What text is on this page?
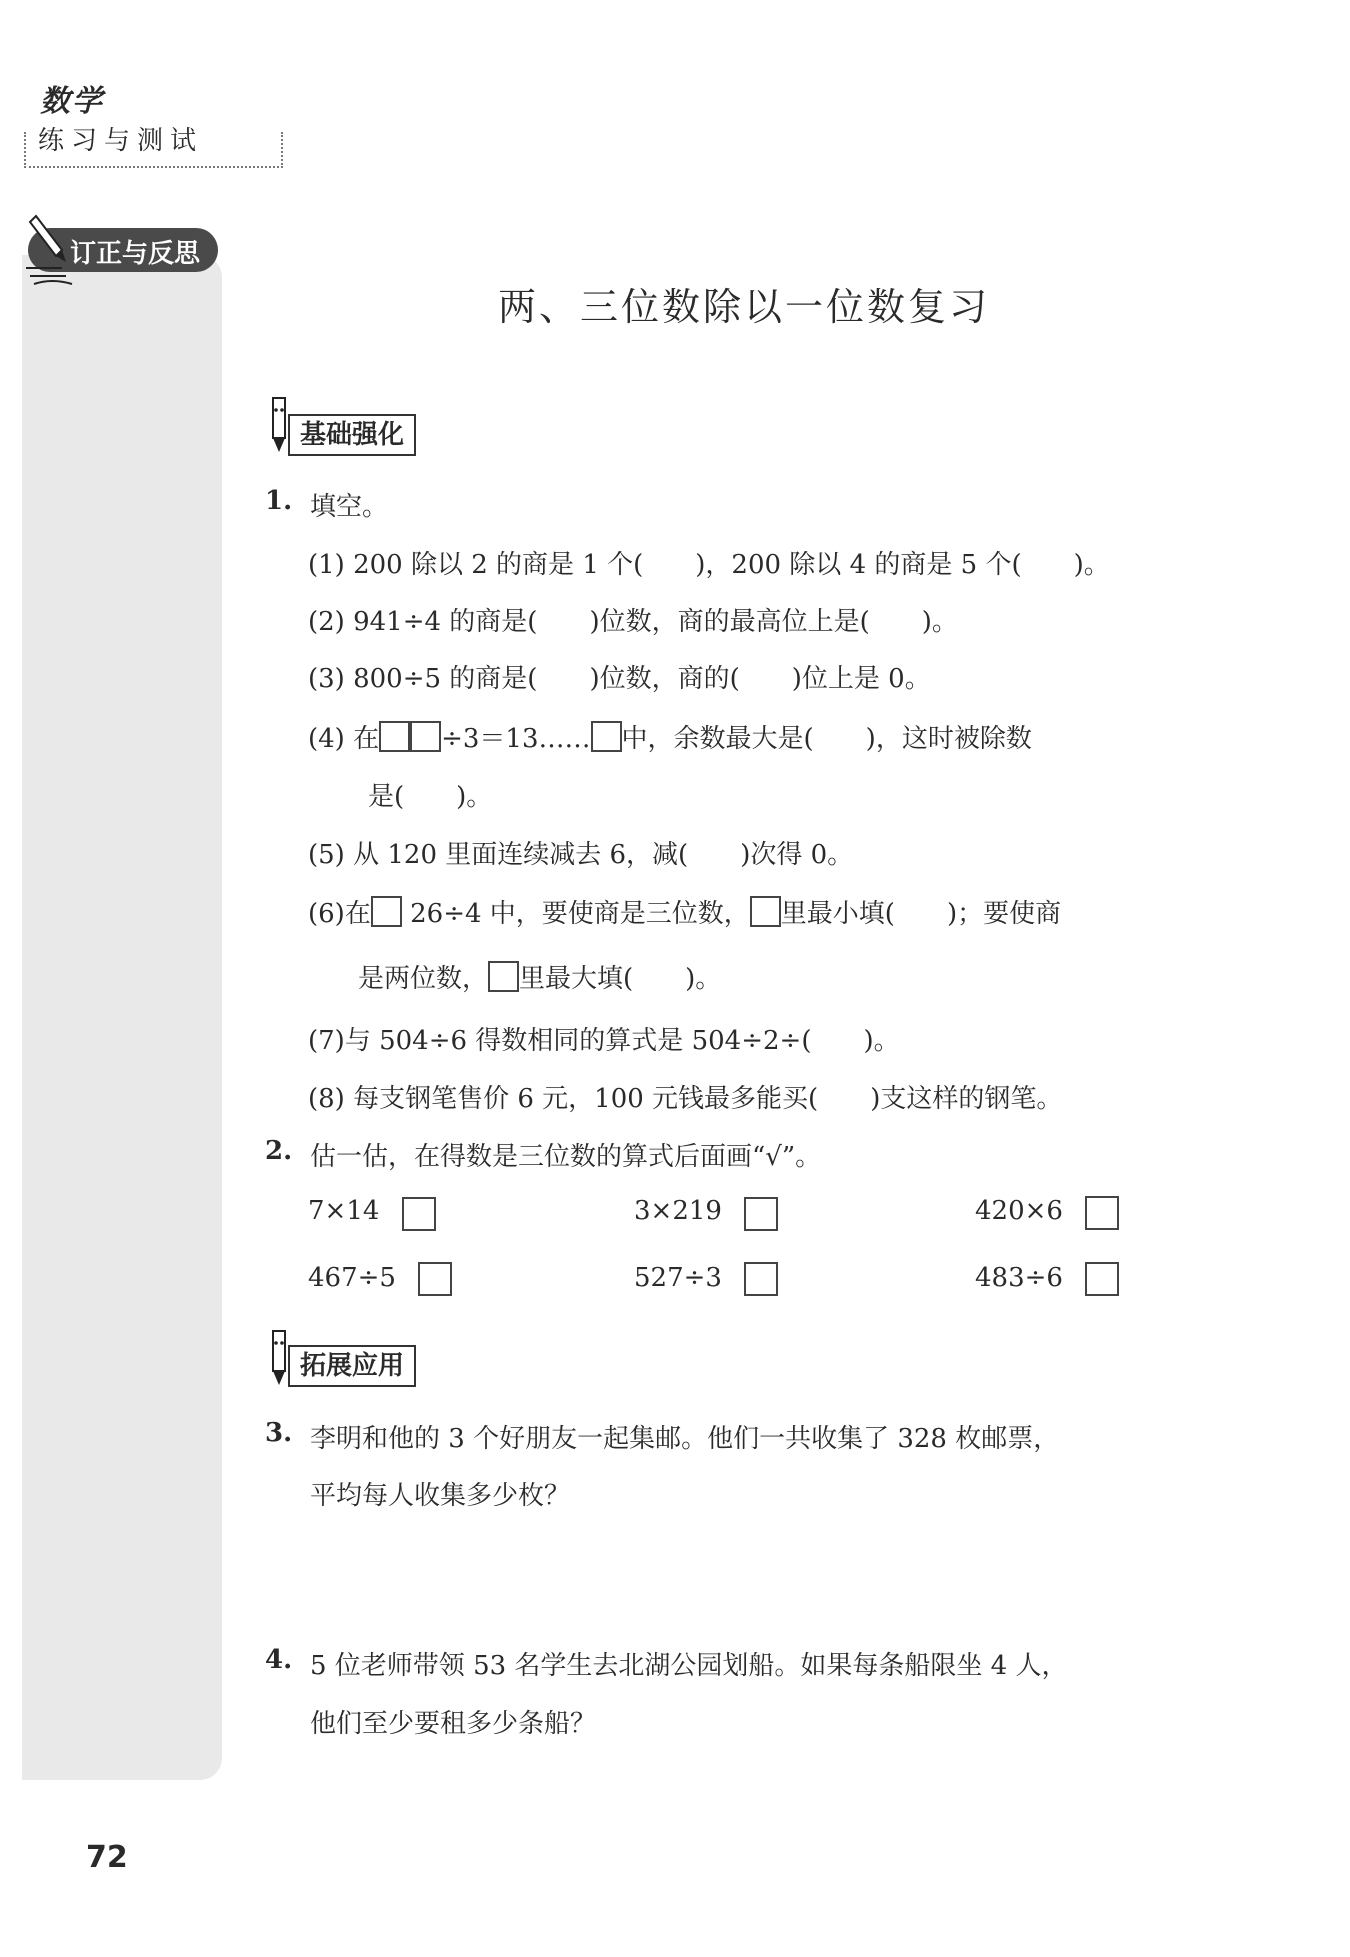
数学
练习与测试
订正与反思
两、三位数除以一位数复习
基础强化
1. 填空。
(1) 200 除以 2 的商是 1 个(　　)，200 除以 4 的商是 5 个(　　)。
(2) 941÷4 的商是(　　)位数，商的最高位上是(　　)。
(3) 800÷5 的商是(　　)位数，商的(　　)位上是 0。
(4) 在 ÷3＝13…… 中，余数最大是(　　)，这时被除数
是(　　)。
(5) 从 120 里面连续减去 6，减(　　)次得 0。
(6)在 26÷4 中，要使商是三位数， 里最小填(　　)；要使商
是两位数， 里最大填(　　)。
(7)与 504÷6 得数相同的算式是 504÷2÷(　　)。
(8) 每支钢笔售价 6 元，100 元钱最多能买(　　)支这样的钢笔。
2. 估一估，在得数是三位数的算式后面画“√”。
7×14	3×219	420×6
467÷5	527÷3	483÷6
拓展应用
3. 李明和他的 3 个好朋友一起集邮。他们一共收集了 328 枚邮票，
平均每人收集多少枚？
4. 5 位老师带领 53 名学生去北湖公园划船。如果每条船限坐 4 人，
他们至少要租多少条船？
72
